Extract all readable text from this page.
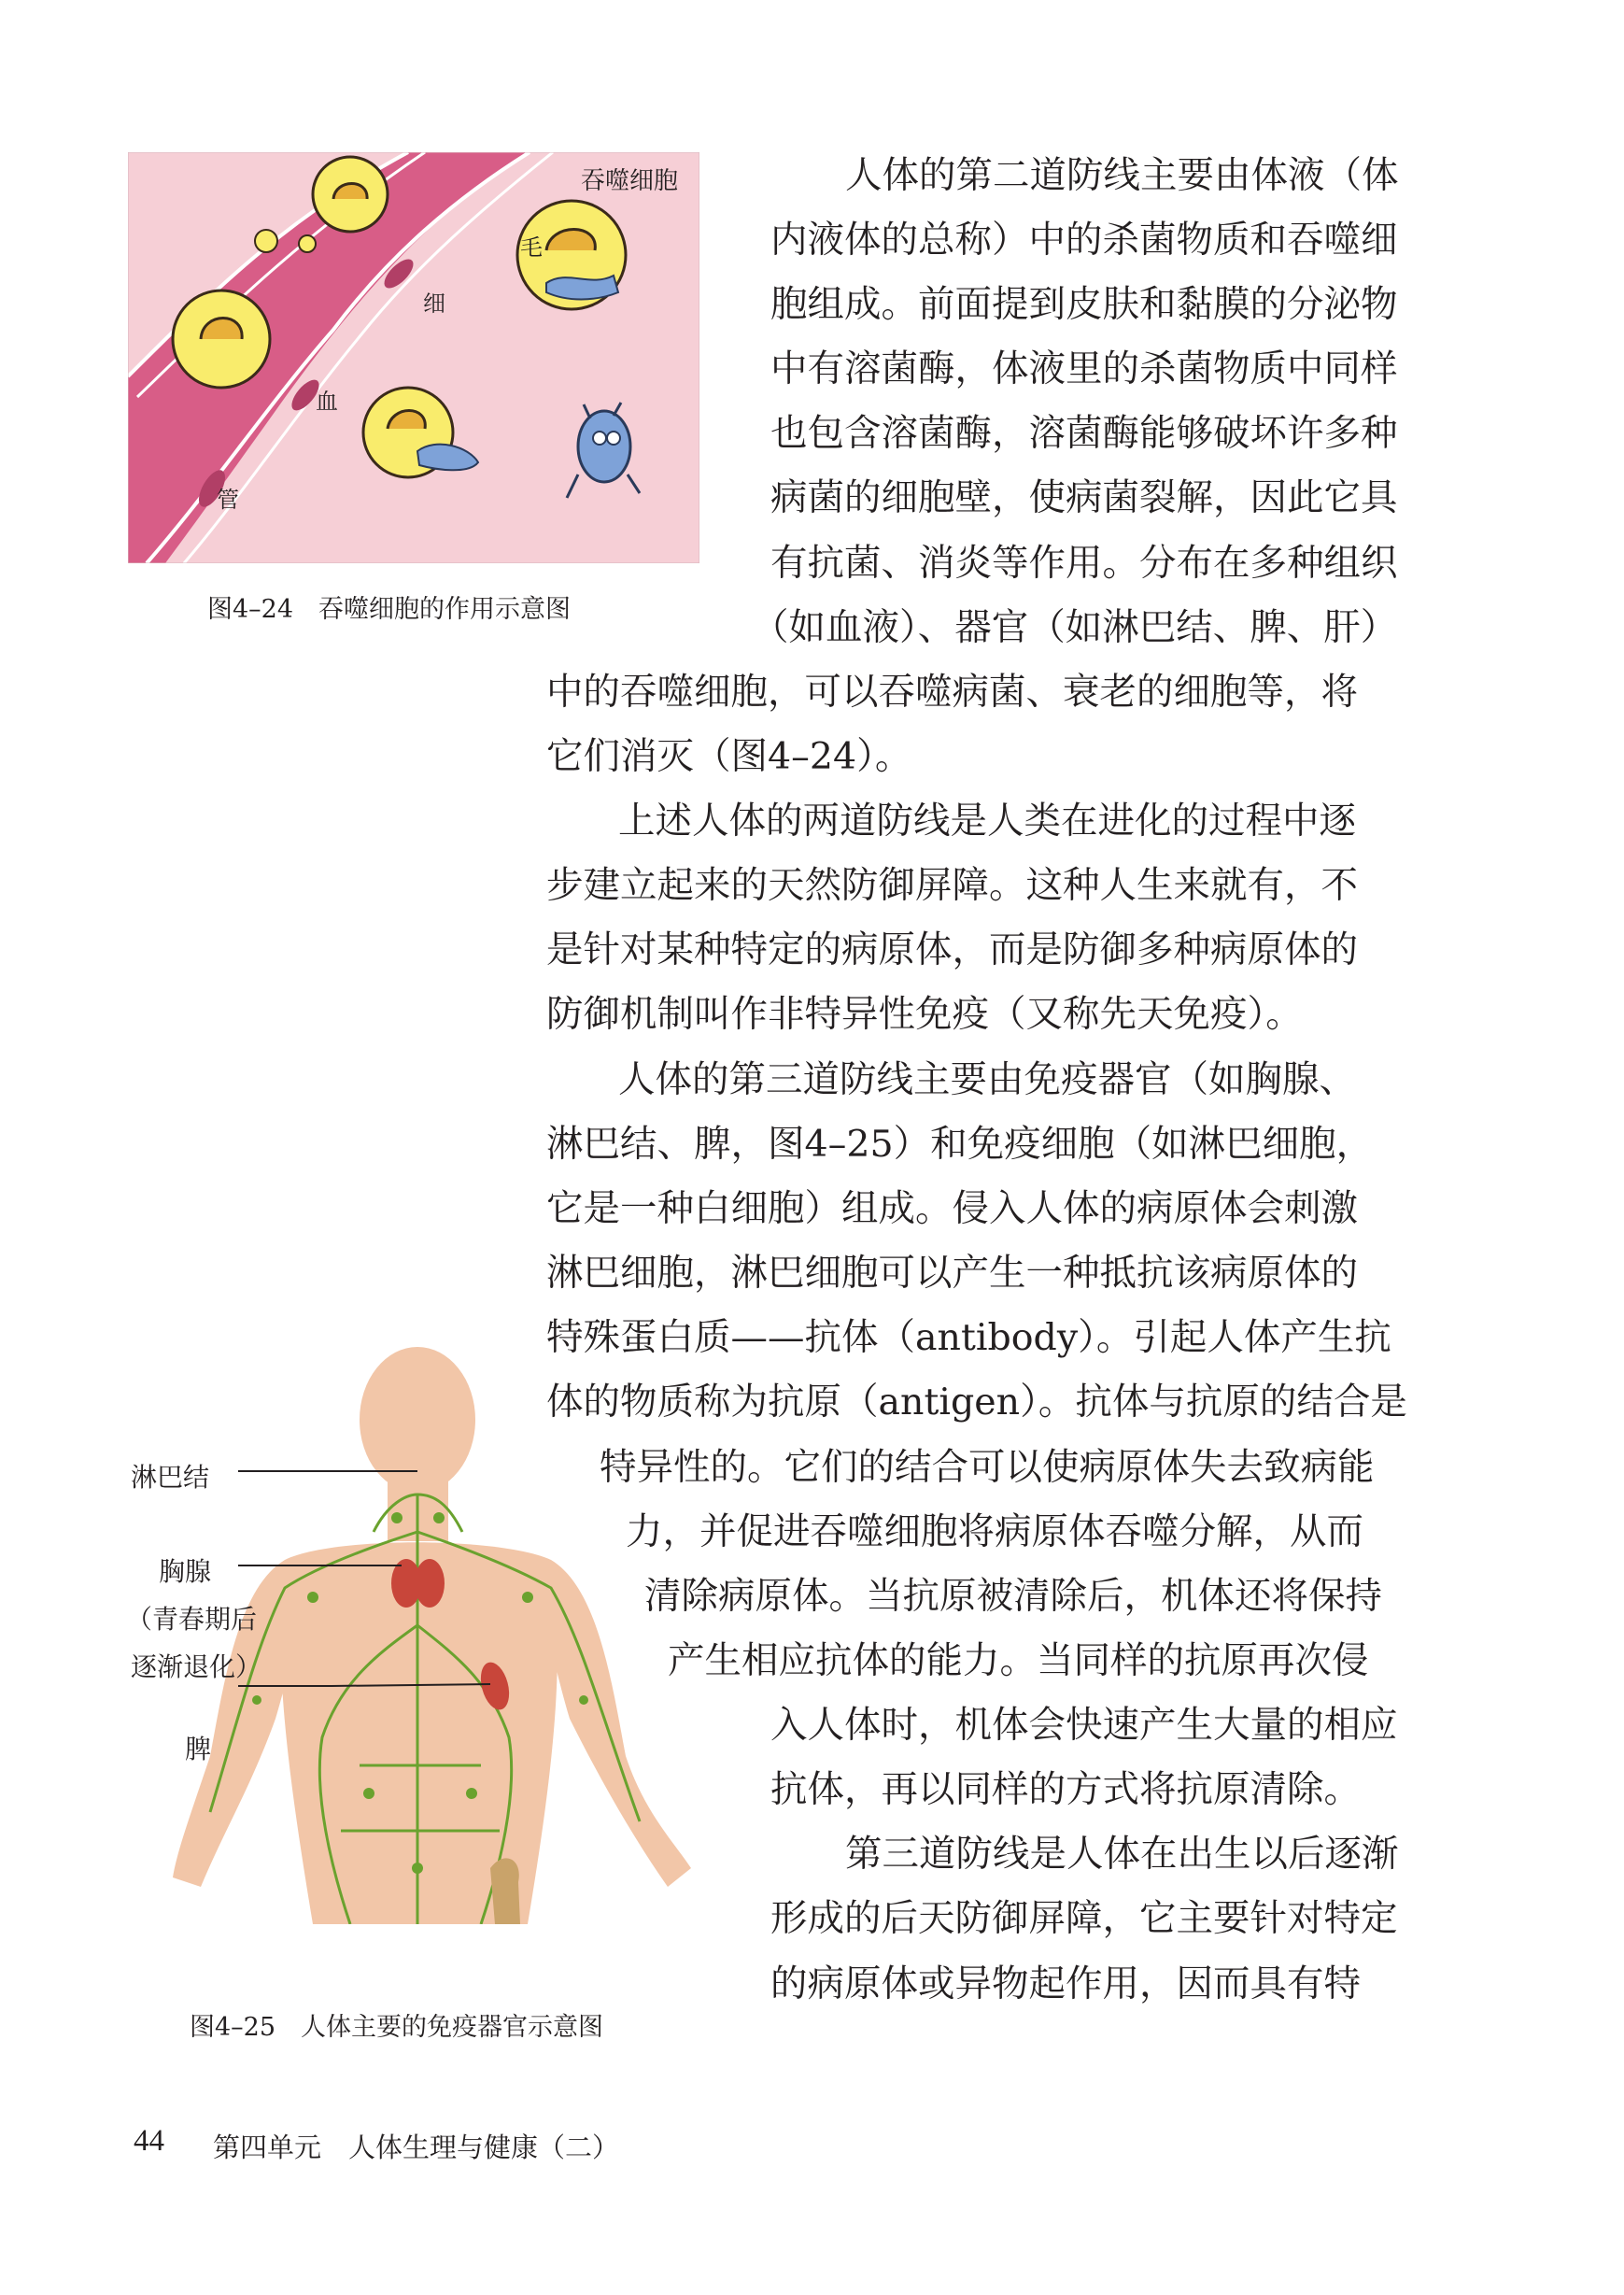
吞噬细胞
毛
细
血
管
图4–24　吞噬细胞的作用示意图
淋巴结
胸腺
（青春期后
逐渐退化）
脾
图4–25　人体主要的免疫器官示意图
人体的第二道防线主要由体液（体
内液体的总称）中的杀菌物质和吞噬细
胞组成。前面提到皮肤和黏膜的分泌物
中有溶菌酶，体液里的杀菌物质中同样
也包含溶菌酶，溶菌酶能够破坏许多种
病菌的细胞壁，使病菌裂解，因此它具
有抗菌、消炎等作用。分布在多种组织
（如血液）、器官（如淋巴结、脾、肝）
中的吞噬细胞，可以吞噬病菌、衰老的细胞等，将
它们消灭（图4–24）。
上述人体的两道防线是人类在进化的过程中逐
步建立起来的天然防御屏障。这种人生来就有，不
是针对某种特定的病原体，而是防御多种病原体的
防御机制叫作非特异性免疫（又称先天免疫）。
人体的第三道防线主要由免疫器官（如胸腺、
淋巴结、脾，图4–25）和免疫细胞（如淋巴细胞，
它是一种白细胞）组成。侵入人体的病原体会刺激
淋巴细胞，淋巴细胞可以产生一种抵抗该病原体的
特殊蛋白质——抗体（antibody）。引起人体产生抗
体的物质称为抗原（antigen）。抗体与抗原的结合是
特异性的。它们的结合可以使病原体失去致病能
力，并促进吞噬细胞将病原体吞噬分解，从而
清除病原体。当抗原被清除后，机体还将保持
产生相应抗体的能力。当同样的抗原再次侵
入人体时，机体会快速产生大量的相应
抗体，再以同样的方式将抗原清除。
第三道防线是人体在出生以后逐渐
形成的后天防御屏障，它主要针对特定
的病原体或异物起作用，因而具有特
44 第四单元　人体生理与健康（二）
